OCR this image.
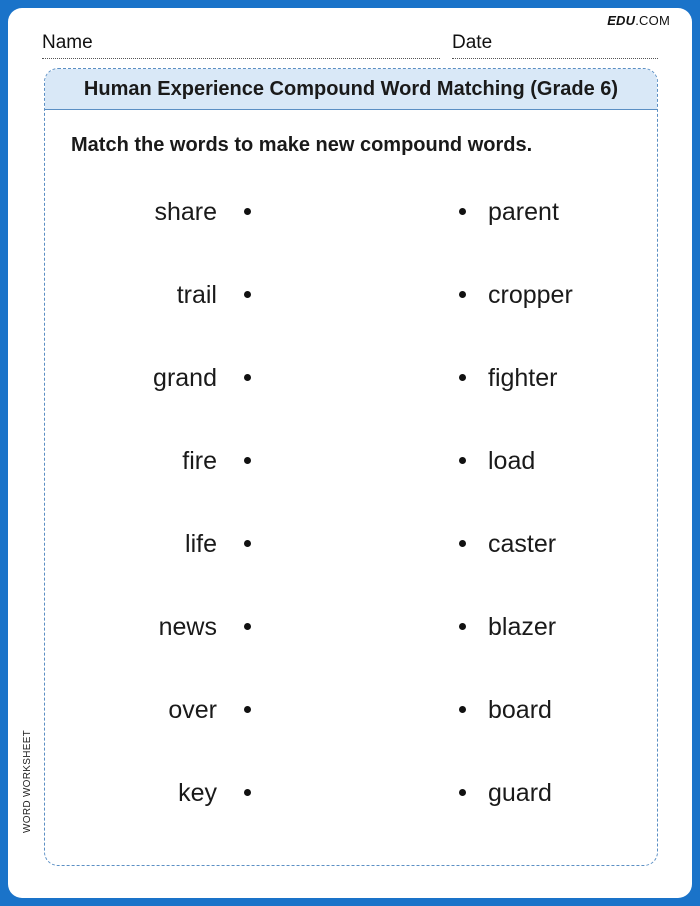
EDU.COM
Name	Date
Human Experience Compound Word Matching (Grade 6)
Match the words to make new compound words.
share	parent
trail	cropper
grand	fighter
fire	load
life	caster
news	blazer
over	board
key	guard
WORD WORKSHEET
